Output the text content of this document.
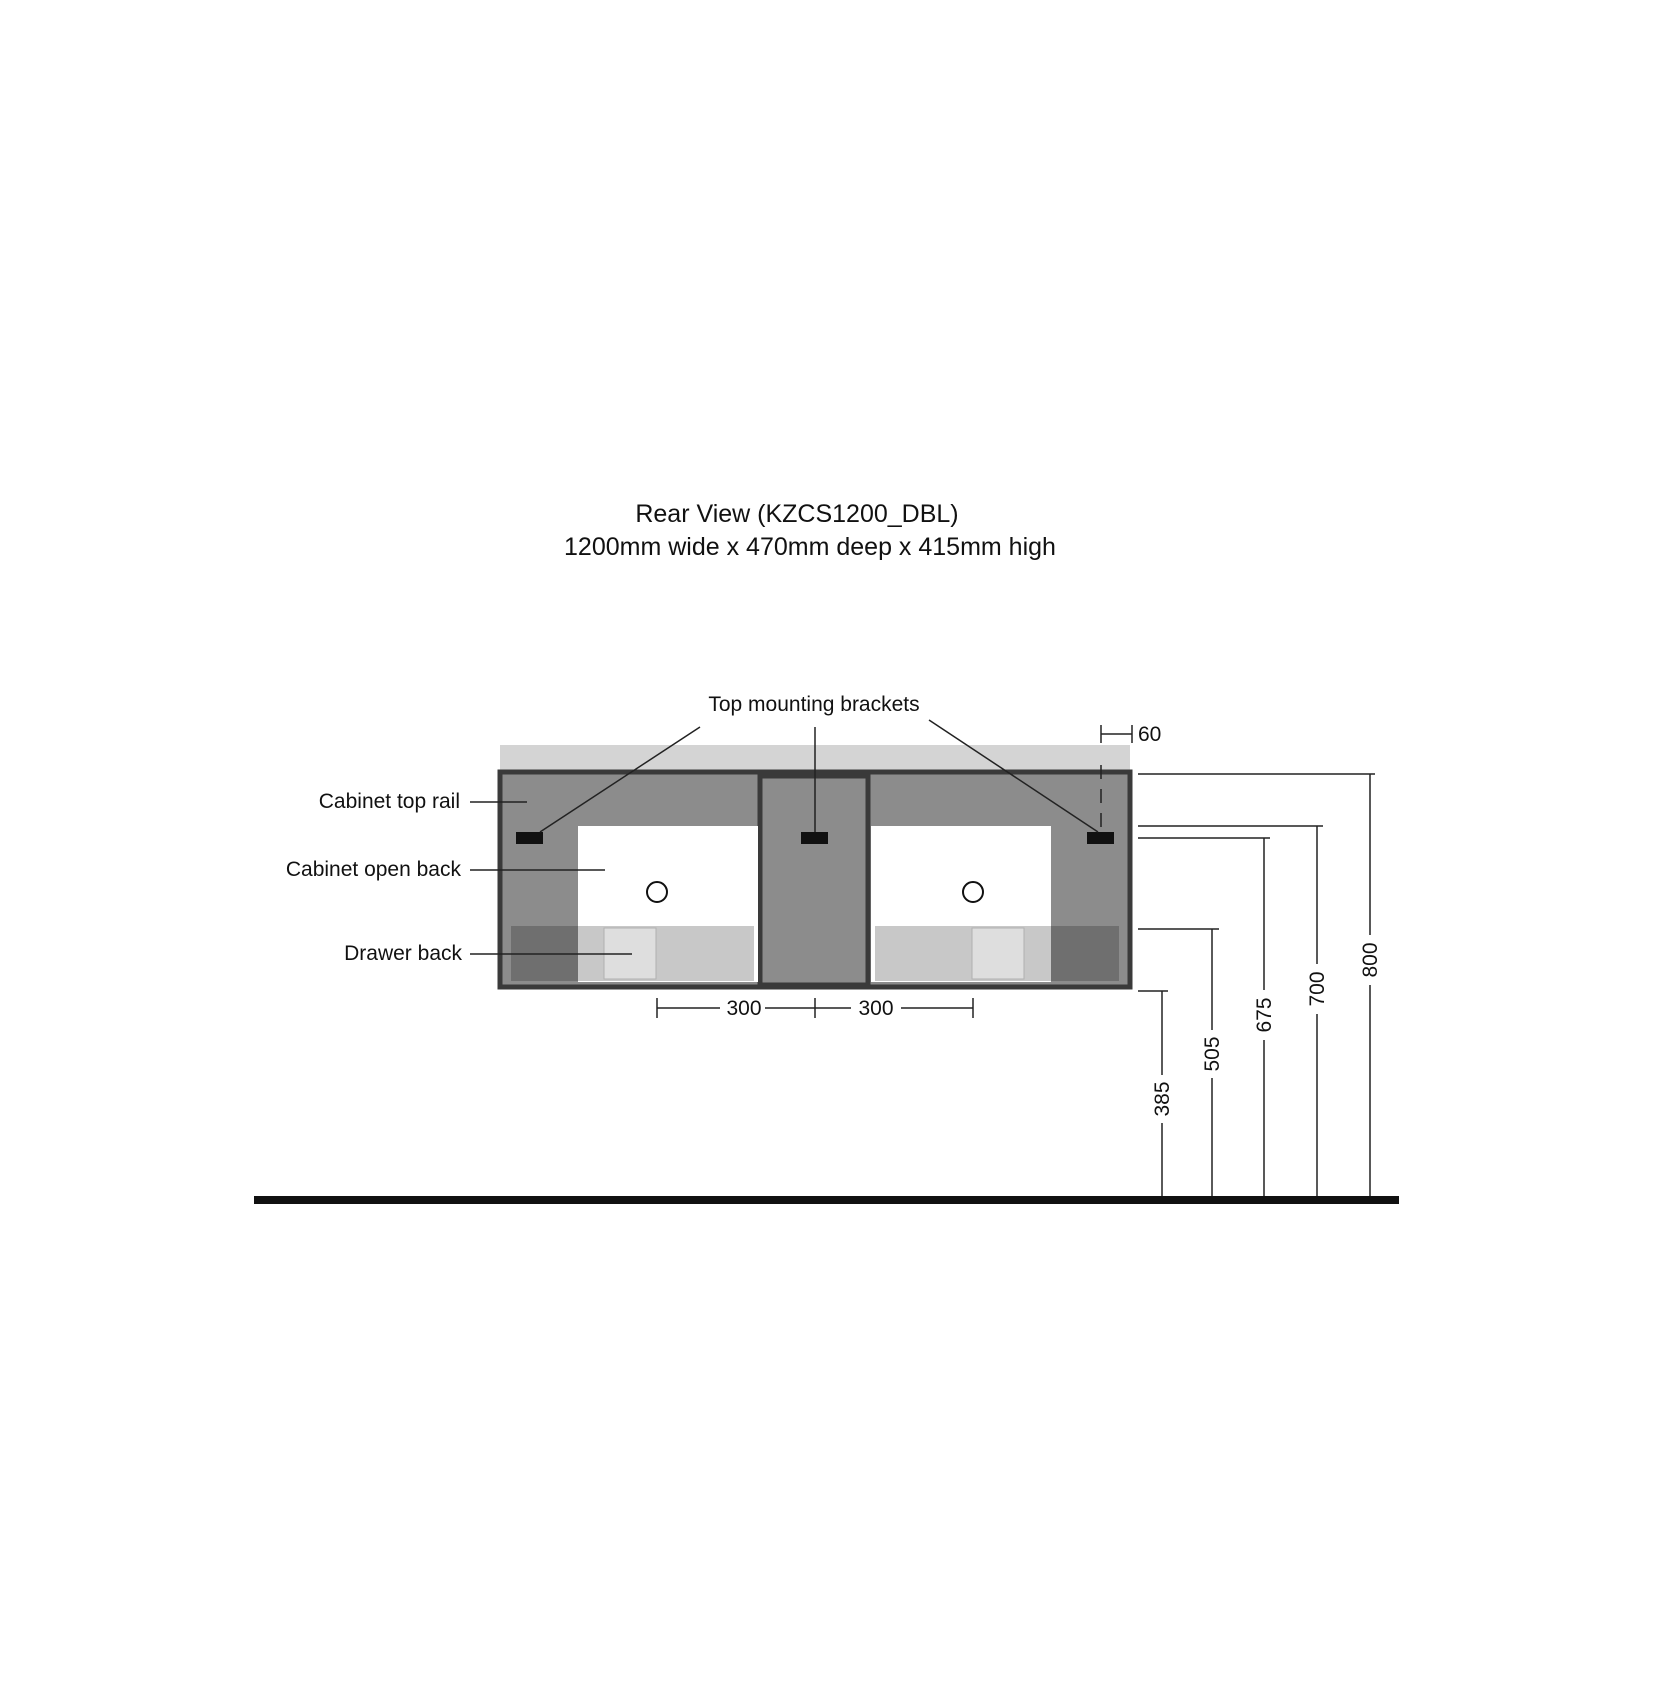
Rear View (KZCS1200_DBL)
1200mm wide x 470mm deep x 415mm high
Cabinet top rail
Cabinet open back
Drawer back
Top mounting brackets
60
300	300
385
505
675
700
800
